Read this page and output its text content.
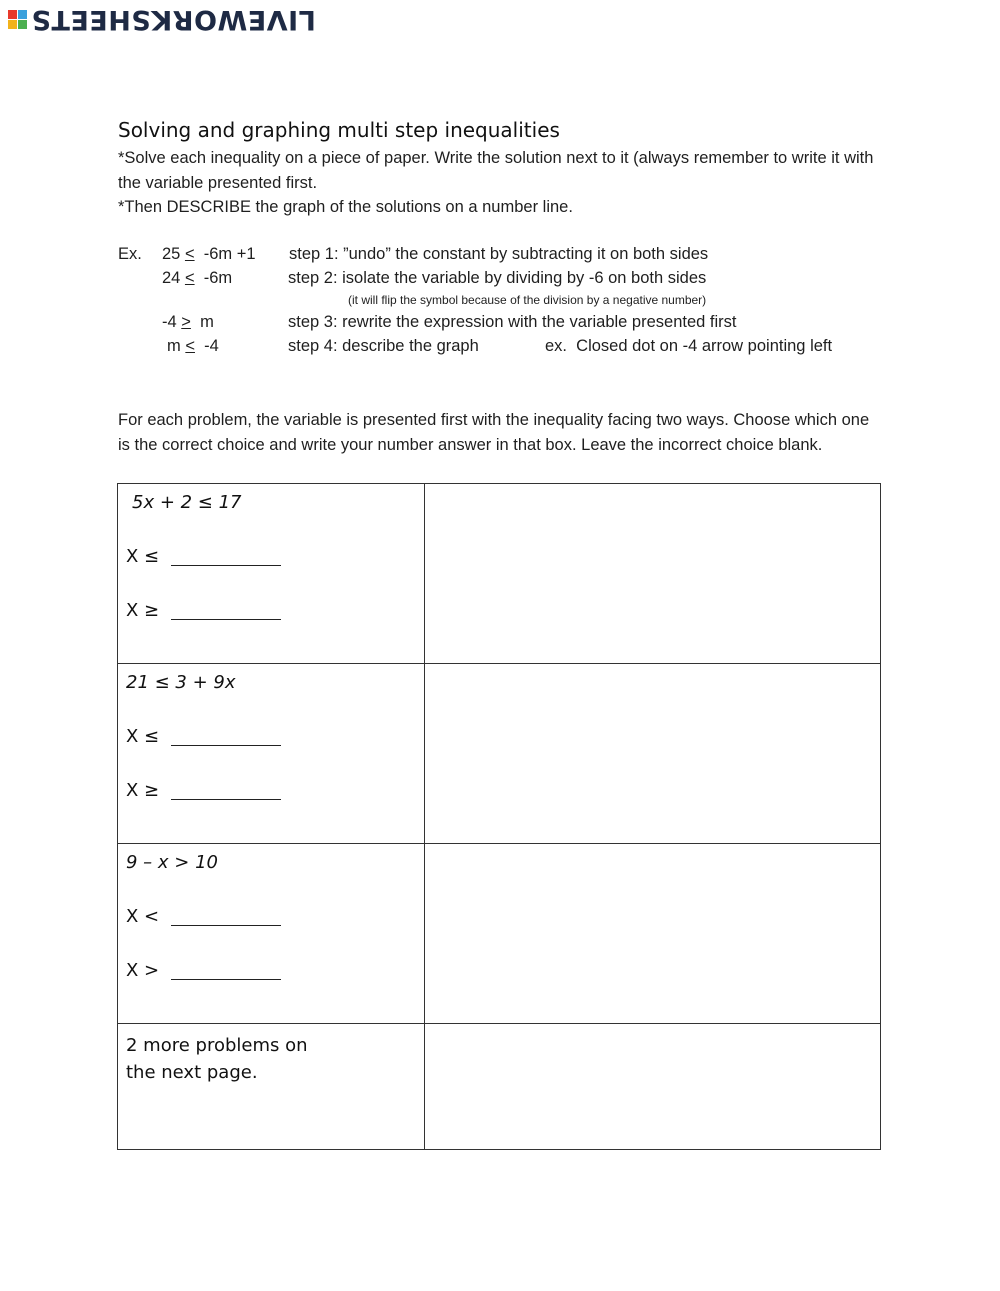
LIVEWORKSHEETS
Solving and graphing multi step inequalities
*Solve each inequality on a piece of paper. Write the solution next to it (always remember to write it with the variable presented first.
*Then DESCRIBE the graph of the solutions on a number line.
Ex. 25 <  -6m +1 step 1: ”undo” the constant by subtracting it on both sides
24 <  -6m	step 2: isolate the variable by dividing by -6 on both sides
(it will flip the symbol because of the division by a negative number)
-4 >  m	step 3: rewrite the expression with the variable presented first
m <  -4	step 4: describe the graph	ex.  Closed dot on -4 arrow pointing left
For each problem, the variable is presented first with the inequality facing two ways. Choose which one is the correct choice and write your number answer in that box. Leave the incorrect choice blank.
5x + 2 ≤ 17
X ≤
X ≥	

21 ≤ 3 + 9x
X ≤
X ≥	

9 – x > 10
X <
X >	

2 more problems on
the next page.	
